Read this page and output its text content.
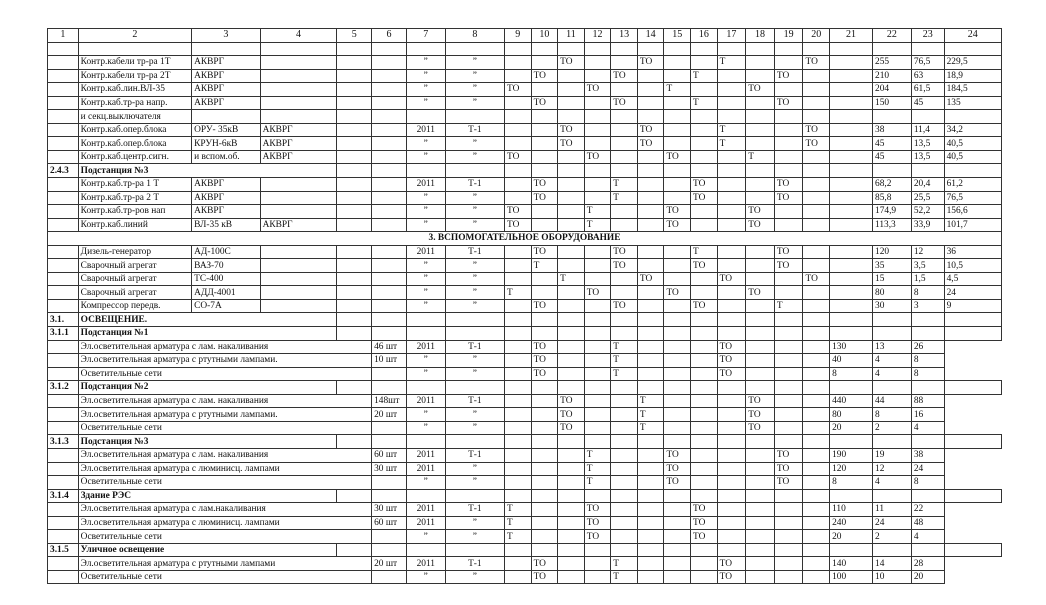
1	2	3	4	5	6	7	8	9	10	11	12	13	14	15	16	17	18	19	20	21	22	23	24

	Контр.кабели тр-ра 1Т	АКВРГ				”	”			ТО			ТО			Т			ТО		255	76,5	229,5
	Контр.кабели тр-ра 2Т	АКВРГ				”	”		ТО			ТО			Т			ТО			210	63	18,9
	Контр.каб.лин.ВЛ-35	АКВРГ				”	”	ТО			ТО			Т			ТО				204	61,5	184,5
	Контр.каб.тр-ра напр.	АКВРГ				”	”		ТО			ТО			Т			ТО			150	45	135
	и секц.выключателя																						
	Контр.каб.опер.блока	ОРУ- 35кВ	АКВРГ			2011	Т-1			ТО			ТО			Т			ТО		38	11,4	34,2
	Контр.каб.опер.блока	КРУН-6кВ	АКВРГ			”	”			ТО			ТО			Т			ТО		45	13,5	40,5
	Контр.каб.центр.сигн.	и вспом.об.	АКВРГ			”	”	ТО			ТО			ТО			Т				45	13,5	40,5
2.4.3	Подстанция №3																						
	Контр.каб.тр-ра 1 Т	АКВРГ				2011	Т-1		ТО			Т			ТО			ТО			68,2	20,4	61,2
	Контр.каб.тр-ра 2 Т	АКВРГ				”	”		ТО			Т			ТО			ТО			85,8	25,5	76,5
	Контр.каб.тр-ров нап	АКВРГ				”	”	ТО			Т			ТО			ТО				174,9	52,2	156,6
	Контр.каб.линий	ВЛ-35 кВ	АКВРГ			”	”	ТО			Т			ТО			ТО				113,3	33,9	101,7
3. ВСПОМОГАТЕЛЬНОЕ ОБОРУДОВАНИЕ																							
	Дизель-генератор	АД-100С				2011	Т-1		ТО			ТО			Т			ТО			120	12	36
	Сварочный агрегат	ВАЗ-70				”	”		Т			ТО			ТО			ТО			35	3,5	10,5
	Сварочный агрегат	ТС-400				”	”			Т			ТО			ТО			ТО		15	1,5	4,5
	Сварочный агрегат	АДД-4001				”	”	Т			ТО			ТО			ТО				80	8	24
	Компрессор передв.	СО-7А				”	”		ТО			ТО			ТО			Т			30	3	9
3.1.	ОСВЕЩЕНИЕ.																						
3.1.1	Подстанция №1																						
	Эл.осветительная арматура с лам. накаливания				46 шт	2011	Т-1		ТО			Т				ТО				130	13	26	
	Эл.осветительная арматура с ртутными лампами.				10 шт	”	”		ТО			Т				ТО				40	4	8	
	Осветительные сети					”	”		ТО			Т				ТО				8	4	8	
3.1.2	Подстанция №2																						
	Эл.осветительная арматура с лам. накаливания				148шт	2011	Т-1			ТО			Т				ТО			440	44	88	
	Эл.осветительная арматура с ртутными лампами.				20 шт	”	”			ТО			Т				ТО			80	8	16	
	Осветительные сети					”	”			ТО			Т				ТО			20	2	4	
3.1.3	Подстанция №3																						
	Эл.осветительная арматура с лам. накаливания				60 шт	2011	Т-1				Т			ТО				ТО		190	19	38	
	Эл.осветительная арматура с люминисц. лампами				30 шт	2011	”				Т			ТО				ТО		120	12	24	
	Осветительные сети					”	”				Т			ТО				ТО		8	4	8	
3.1.4	Здание РЭС																						
	Эл.осветительная арматура с лам.накаливания				30 шт	2011	Т-1	Т			ТО				ТО					110	11	22	
	Эл.осветительная арматура с люминисц. лампами				60 шт	2011	”	Т			ТО				ТО					240	24	48	
	Осветительные сети					”	”	Т			ТО				ТО					20	2	4	
3.1.5	Уличное освещение																						
	Эл.осветительная арматура с ртутными лампами				20 шт	2011	Т-1		ТО			Т				ТО				140	14	28	
	Осветительные сети					”	”		ТО			Т				ТО				100	10	20	
